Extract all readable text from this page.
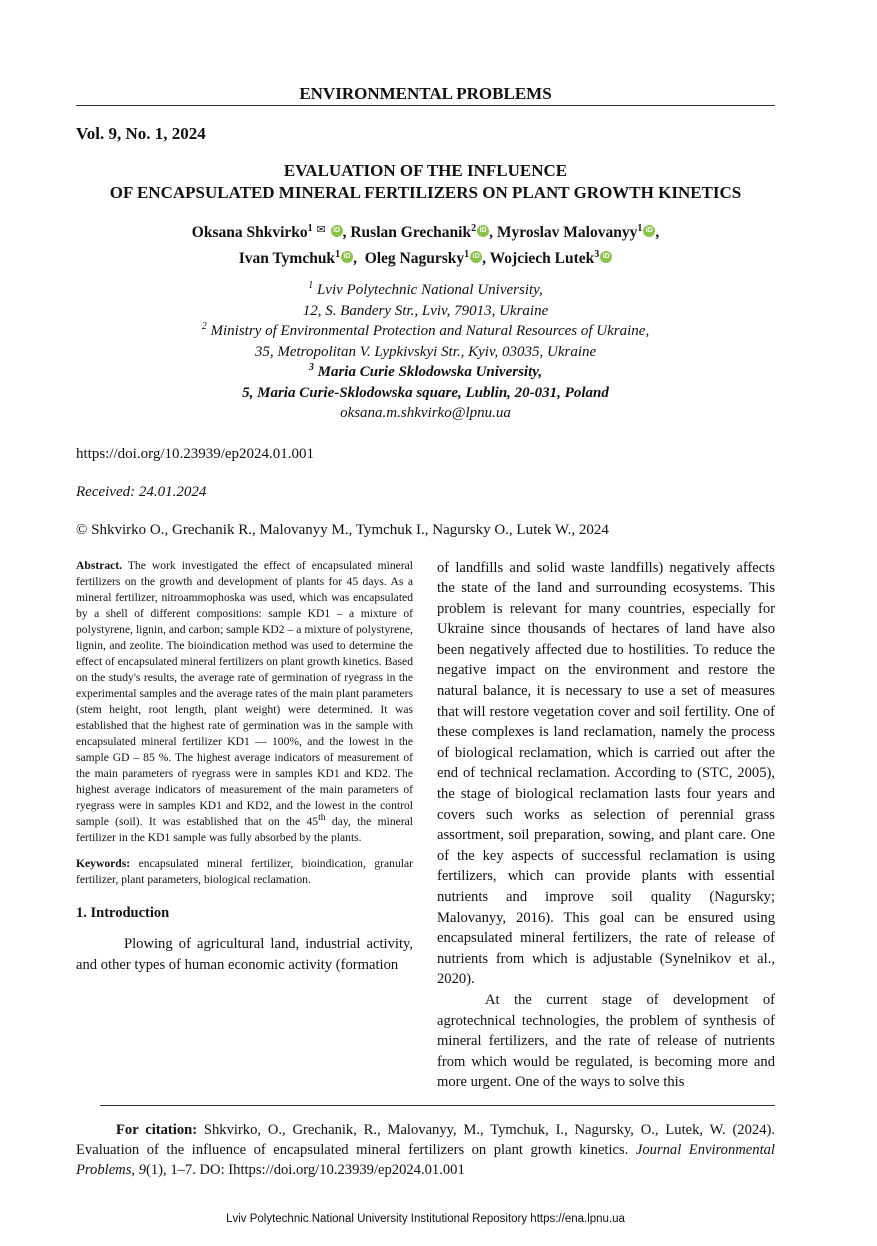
ENVIRONMENTAL PROBLEMS
Vol. 9, No. 1, 2024
EVALUATION OF THE INFLUENCE
OF ENCAPSULATED MINERAL FERTILIZERS ON PLANT GROWTH KINETICS
Oksana Shkvirko$^1$ ✉ iD , Ruslan Grechanik$^2$ iD , Myroslav Malovanyy$^1$ iD ,
Ivan Tymchuk$^1$ iD ,  Oleg Nagursky$^1$ iD , Wojciech Lutek$^3$ iD
$^1$ Lviv Polytechnic National University,
12, S. Bandery Str., Lviv, 79013, Ukraine
$^2$ Ministry of Environmental Protection and Natural Resources of Ukraine,
35, Metropolitan V. Lypkivskyi Str., Kyiv, 03035, Ukraine
$^3$ Maria Curie Sklodowska University,
5, Maria Curie-Sklodowska square, Lublin, 20-031, Poland
oksana.m.shkvirko@lpnu.ua
https://doi.org/10.23939/ep2024.01.001
Received: 24.01.2024
© Shkvirko O., Grechanik R., Malovanyy M., Tymchuk I., Nagursky O., Lutek W., 2024

Abstract. The work investigated the effect of encapsulated mineral fertilizers on the growth and development of plants for 45 days. As a mineral fertilizer, nitroammophoska was used, which was encapsulated by a shell of different compositions: sample KD1 – a mixture of polystyrene, lignin, and carbon; sample KD2 – a mixture of polystyrene, lignin, and zeolite. The bioindication method was used to determine the effect of encapsulated mineral fertilizers on plant growth kinetics. Based on the study's results, the average rate of germination of ryegrass in the experimental samples and the average rates of the main plant parameters (stem height, root length, plant weight) were determined. It was established that the highest rate of germination was in the sample with encapsulated mineral fertilizer KD1 — 100%, and the lowest in the sample GD – 85 %. The highest average indicators of measurement of the main parameters of ryegrass were in samples KD1 and KD2. The highest average indicators of measurement of the main parameters of ryegrass were in samples KD1 and KD2, and the lowest in the control sample (soil). It was established that on the 45th day, the mineral fertilizer in the KD1 sample was fully absorbed by the plants.

Keywords: encapsulated mineral fertilizer, bioindication, granular fertilizer, plant parameters, biological reclamation.

1. Introduction

Plowing of agricultural land, industrial activity, and other types of human economic activity (formation

of landfills and solid waste landfills) negatively affects the state of the land and surrounding ecosystems. This problem is relevant for many countries, especially for Ukraine since thousands of hectares of land have also been negatively affected due to hostilities. To reduce the negative impact on the environment and restore the natural balance, it is necessary to use a set of measures that will restore vegetation cover and soil fertility. One of these complexes is land reclamation, namely the process of biological reclamation, which is carried out after the end of technical reclamation. According to (STC, 2005), the stage of biological reclamation lasts four years and covers such works as selection of perennial grass assortment, soil preparation, sowing, and plant care. One of the key aspects of successful reclamation is using fertilizers, which can provide plants with essential nutrients and improve soil quality (Nagursky; Malovanyy, 2016). This goal can be ensured using encapsulated mineral fertilizers, the rate of release of nutrients from which is adjustable (Synelnikov et al., 2020).

At the current stage of development of agrotechnical technologies, the problem of synthesis of mineral fertilizers, and the rate of release of nutrients from which would be regulated, is becoming more and more urgent. One of the ways to solve this

For citation: Shkvirko, O., Grechanik, R., Malovanyy, M., Tymchuk, I., Nagursky, O., Lutek, W. (2024). Evaluation of the influence of encapsulated mineral fertilizers on plant growth kinetics. Journal Environmental Problems, 9(1), 1–7. DO: Ihttps://doi.org/10.23939/ep2024.01.001
Lviv Polytechnic National University Institutional Repository https://ena.lpnu.ua
